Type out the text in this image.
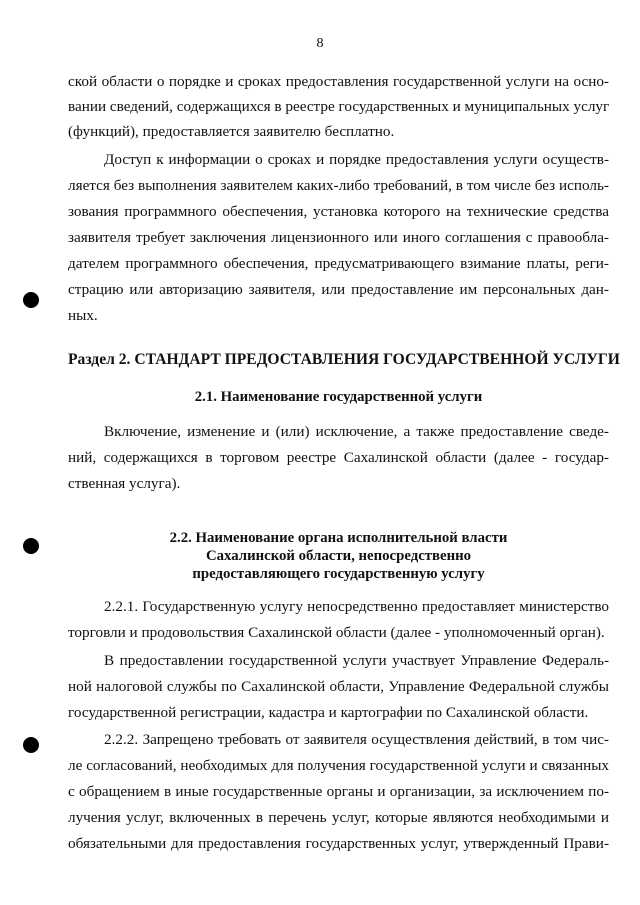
8
ской области о порядке и сроках предоставления государственной услуги на осно-
вании сведений, содержащихся в реестре государственных и муниципальных услуг
(функций), предоставляется заявителю бесплатно.
Доступ к информации о сроках и порядке предоставления услуги осуществ-
ляется без выполнения заявителем каких-либо требований, в том числе без исполь-
зования программного обеспечения, установка которого на технические средства
заявителя требует заключения лицензионного или иного соглашения с правообла-
дателем программного обеспечения, предусматривающего взимание платы, реги-
страцию или авторизацию заявителя, или предоставление им персональных дан-
ных.
Раздел 2. СТАНДАРТ ПРЕДОСТАВЛЕНИЯ ГОСУДАРСТВЕННОЙ УСЛУГИ
2.1. Наименование государственной услуги
Включение, изменение и (или) исключение, а также предоставление сведе-
ний, содержащихся в торговом реестре Сахалинской области (далее - государ-
ственная услуга).
2.2. Наименование органа исполнительной власти
Сахалинской области, непосредственно
предоставляющего государственную услугу
2.2.1. Государственную услугу непосредственно предоставляет министерство
торговли и продовольствия Сахалинской области (далее - уполномоченный орган).
В предоставлении государственной услуги участвует Управление Федераль-
ной налоговой службы по Сахалинской области, Управление Федеральной службы
государственной регистрации, кадастра и картографии по Сахалинской области.
2.2.2. Запрещено требовать от заявителя осуществления действий, в том чис-
ле согласований, необходимых для получения государственной услуги и связанных
с обращением в иные государственные органы и организации, за исключением по-
лучения услуг, включенных в перечень услуг, которые являются необходимыми и
обязательными для предоставления государственных услуг, утвержденный Прави-
